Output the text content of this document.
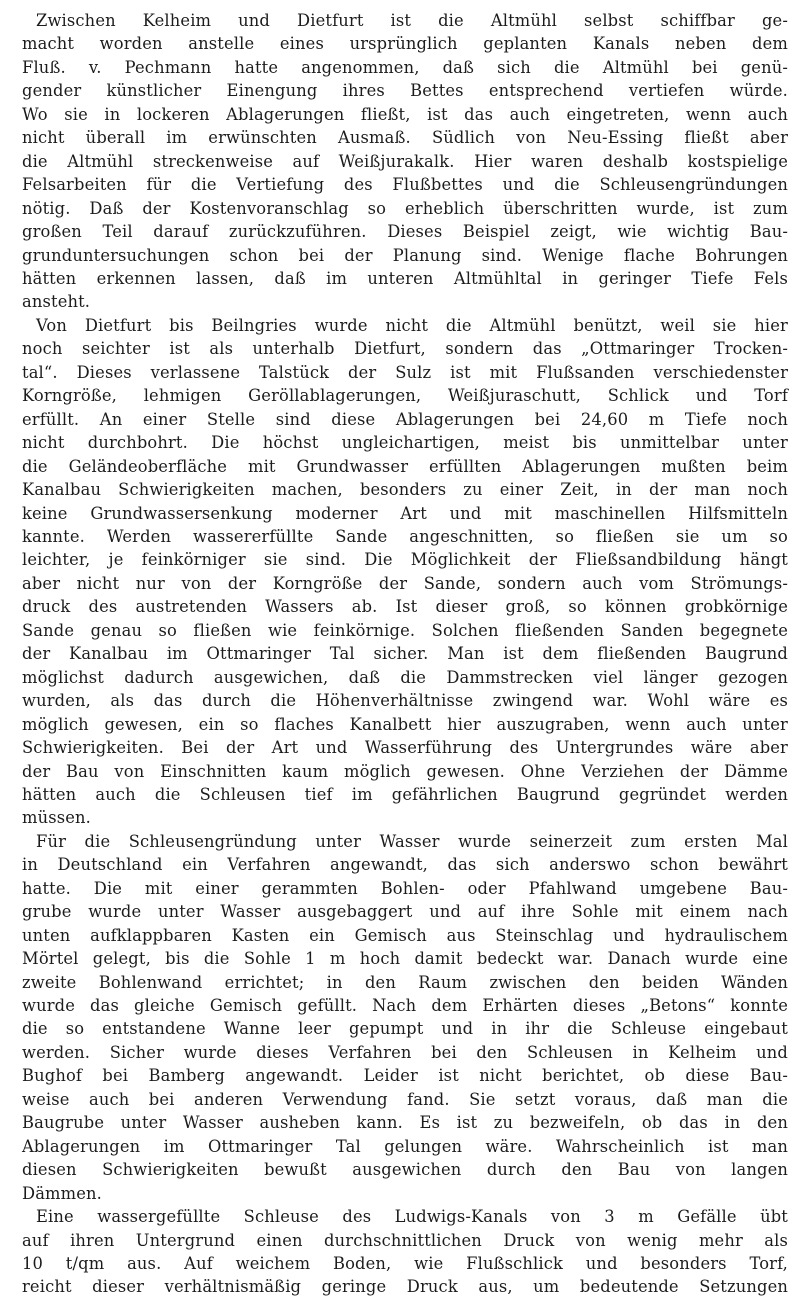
Zwischen Kelheim und Dietfurt ist die Altmühl selbst schiffbar ge-
macht worden anstelle eines ursprünglich geplanten Kanals neben dem
Fluß. v. Pechmann hatte angenommen, daß sich die Altmühl bei genü-
gender künstlicher Einengung ihres Bettes entsprechend vertiefen würde.
Wo sie in lockeren Ablagerungen fließt, ist das auch eingetreten, wenn auch
nicht überall im erwünschten Ausmaß. Südlich von Neu-Essing fließt aber
die Altmühl streckenweise auf Weißjurakalk. Hier waren deshalb kostspielige
Felsarbeiten für die Vertiefung des Flußbettes und die Schleusengründungen
nötig. Daß der Kostenvoranschlag so erheblich überschritten wurde, ist zum
großen Teil darauf zurückzuführen. Dieses Beispiel zeigt, wie wichtig Bau-
grunduntersuchungen schon bei der Planung sind. Wenige flache Bohrungen
hätten erkennen lassen, daß im unteren Altmühltal in geringer Tiefe Fels
ansteht.
Von Dietfurt bis Beilngries wurde nicht die Altmühl benützt, weil sie hier
noch seichter ist als unterhalb Dietfurt, sondern das „Ottmaringer Trocken-
tal“. Dieses verlassene Talstück der Sulz ist mit Flußsanden verschiedenster
Korngröße, lehmigen Geröllablagerungen, Weißjuraschutt, Schlick und Torf
erfüllt. An einer Stelle sind diese Ablagerungen bei 24,60 m Tiefe noch
nicht durchbohrt. Die höchst ungleichartigen, meist bis unmittelbar unter
die Geländeoberfläche mit Grundwasser erfüllten Ablagerungen mußten beim
Kanalbau Schwierigkeiten machen, besonders zu einer Zeit, in der man noch
keine Grundwassersenkung moderner Art und mit maschinellen Hilfsmitteln
kannte. Werden wassererfüllte Sande angeschnitten, so fließen sie um so
leichter, je feinkörniger sie sind. Die Möglichkeit der Fließsandbildung hängt
aber nicht nur von der Korngröße der Sande, sondern auch vom Strömungs-
druck des austretenden Wassers ab. Ist dieser groß, so können grobkörnige
Sande genau so fließen wie feinkörnige. Solchen fließenden Sanden begegnete
der Kanalbau im Ottmaringer Tal sicher. Man ist dem fließenden Baugrund
möglichst dadurch ausgewichen, daß die Dammstrecken viel länger gezogen
wurden, als das durch die Höhenverhältnisse zwingend war. Wohl wäre es
möglich gewesen, ein so flaches Kanalbett hier auszugraben, wenn auch unter
Schwierigkeiten. Bei der Art und Wasserführung des Untergrundes wäre aber
der Bau von Einschnitten kaum möglich gewesen. Ohne Verziehen der Dämme
hätten auch die Schleusen tief im gefährlichen Baugrund gegründet werden
müssen.
Für die Schleusengründung unter Wasser wurde seinerzeit zum ersten Mal
in Deutschland ein Verfahren angewandt, das sich anderswo schon bewährt
hatte. Die mit einer gerammten Bohlen- oder Pfahlwand umgebene Bau-
grube wurde unter Wasser ausgebaggert und auf ihre Sohle mit einem nach
unten aufklappbaren Kasten ein Gemisch aus Steinschlag und hydraulischem
Mörtel gelegt, bis die Sohle 1 m hoch damit bedeckt war. Danach wurde eine
zweite Bohlenwand errichtet; in den Raum zwischen den beiden Wänden
wurde das gleiche Gemisch gefüllt. Nach dem Erhärten dieses „Betons“ konnte
die so entstandene Wanne leer gepumpt und in ihr die Schleuse eingebaut
werden. Sicher wurde dieses Verfahren bei den Schleusen in Kelheim und
Bughof bei Bamberg angewandt. Leider ist nicht berichtet, ob diese Bau-
weise auch bei anderen Verwendung fand. Sie setzt voraus, daß man die
Baugrube unter Wasser ausheben kann. Es ist zu bezweifeln, ob das in den
Ablagerungen im Ottmaringer Tal gelungen wäre. Wahrscheinlich ist man
diesen Schwierigkeiten bewußt ausgewichen durch den Bau von langen
Dämmen.
Eine wassergefüllte Schleuse des Ludwigs-Kanals von 3 m Gefälle übt
auf ihren Untergrund einen durchschnittlichen Druck von wenig mehr als
10 t/qm aus. Auf weichem Boden, wie Flußschlick und besonders Torf,
reicht dieser verhältnismäßig geringe Druck aus, um bedeutende Setzungen
